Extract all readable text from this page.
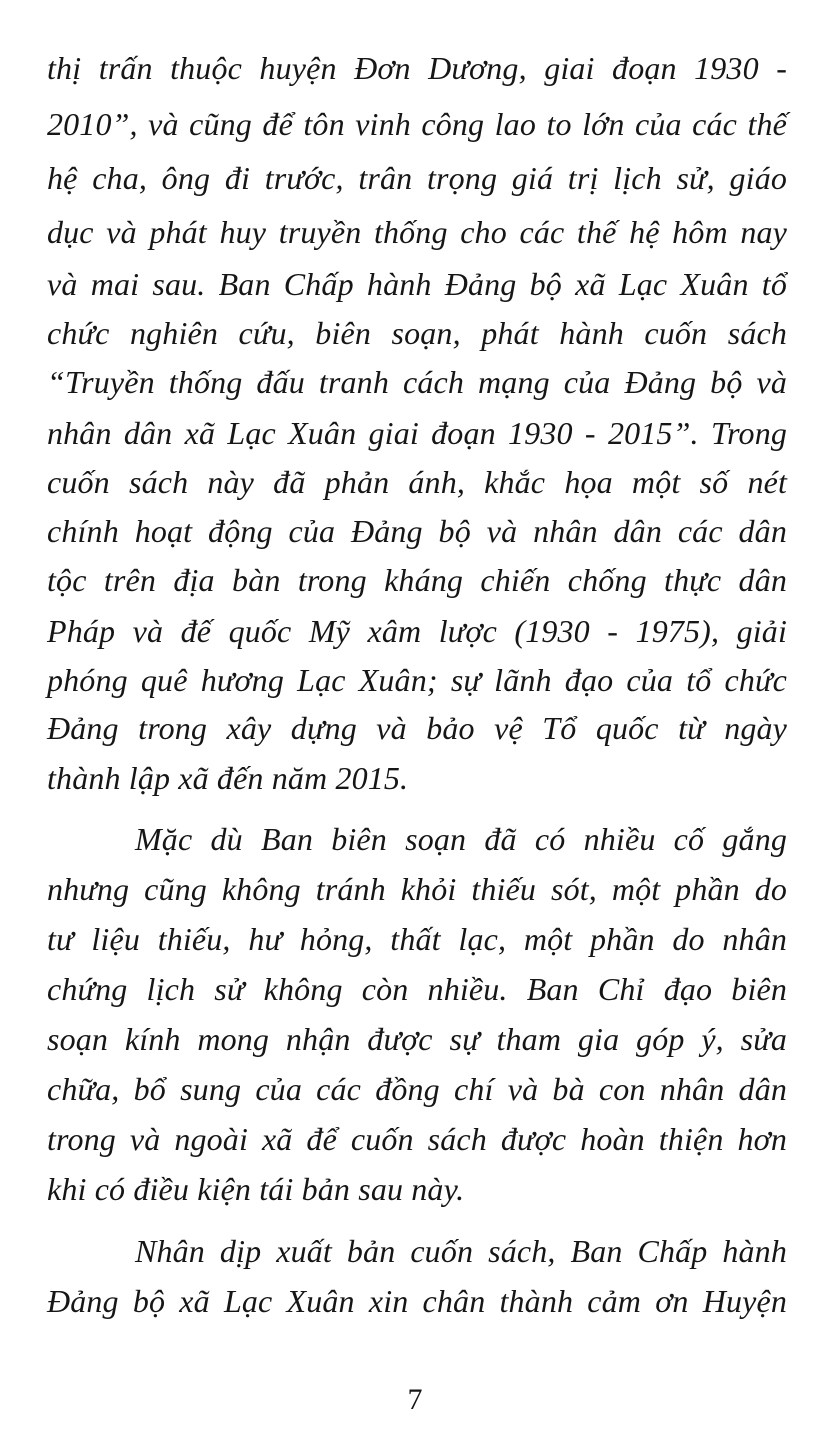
thị trấn thuộc huyện Đơn Dương, giai đoạn 1930 -
2010”, và cũng để tôn vinh công lao to lớn của các thế
hệ cha, ông đi trước, trân trọng giá trị lịch sử, giáo
dục và phát huy truyền thống cho các thế hệ hôm nay
và mai sau. Ban Chấp hành Đảng bộ xã Lạc Xuân tổ
chức nghiên cứu, biên soạn, phát hành cuốn sách
“Truyền thống đấu tranh cách mạng của Đảng bộ và
nhân dân xã Lạc Xuân giai đoạn 1930 - 2015”. Trong
cuốn sách này đã phản ánh, khắc họa một số nét
chính hoạt động của Đảng bộ và nhân dân các dân
tộc trên địa bàn trong kháng chiến chống thực dân
Pháp và đế quốc Mỹ xâm lược (1930 - 1975), giải
phóng quê hương Lạc Xuân; sự lãnh đạo của tổ chức
Đảng trong xây dựng và bảo vệ Tổ quốc từ ngày
thành lập xã đến năm 2015.
Mặc dù Ban biên soạn đã có nhiều cố gắng
nhưng cũng không tránh khỏi thiếu sót, một phần do
tư liệu thiếu, hư hỏng, thất lạc, một phần do nhân
chứng lịch sử không còn nhiều. Ban Chỉ đạo biên
soạn kính mong nhận được sự tham gia góp ý, sửa
chữa, bổ sung của các đồng chí và bà con nhân dân
trong và ngoài xã để cuốn sách được hoàn thiện hơn
khi có điều kiện tái bản sau này.
Nhân dịp xuất bản cuốn sách, Ban Chấp hành
Đảng bộ xã Lạc Xuân xin chân thành cảm ơn Huyện
7
